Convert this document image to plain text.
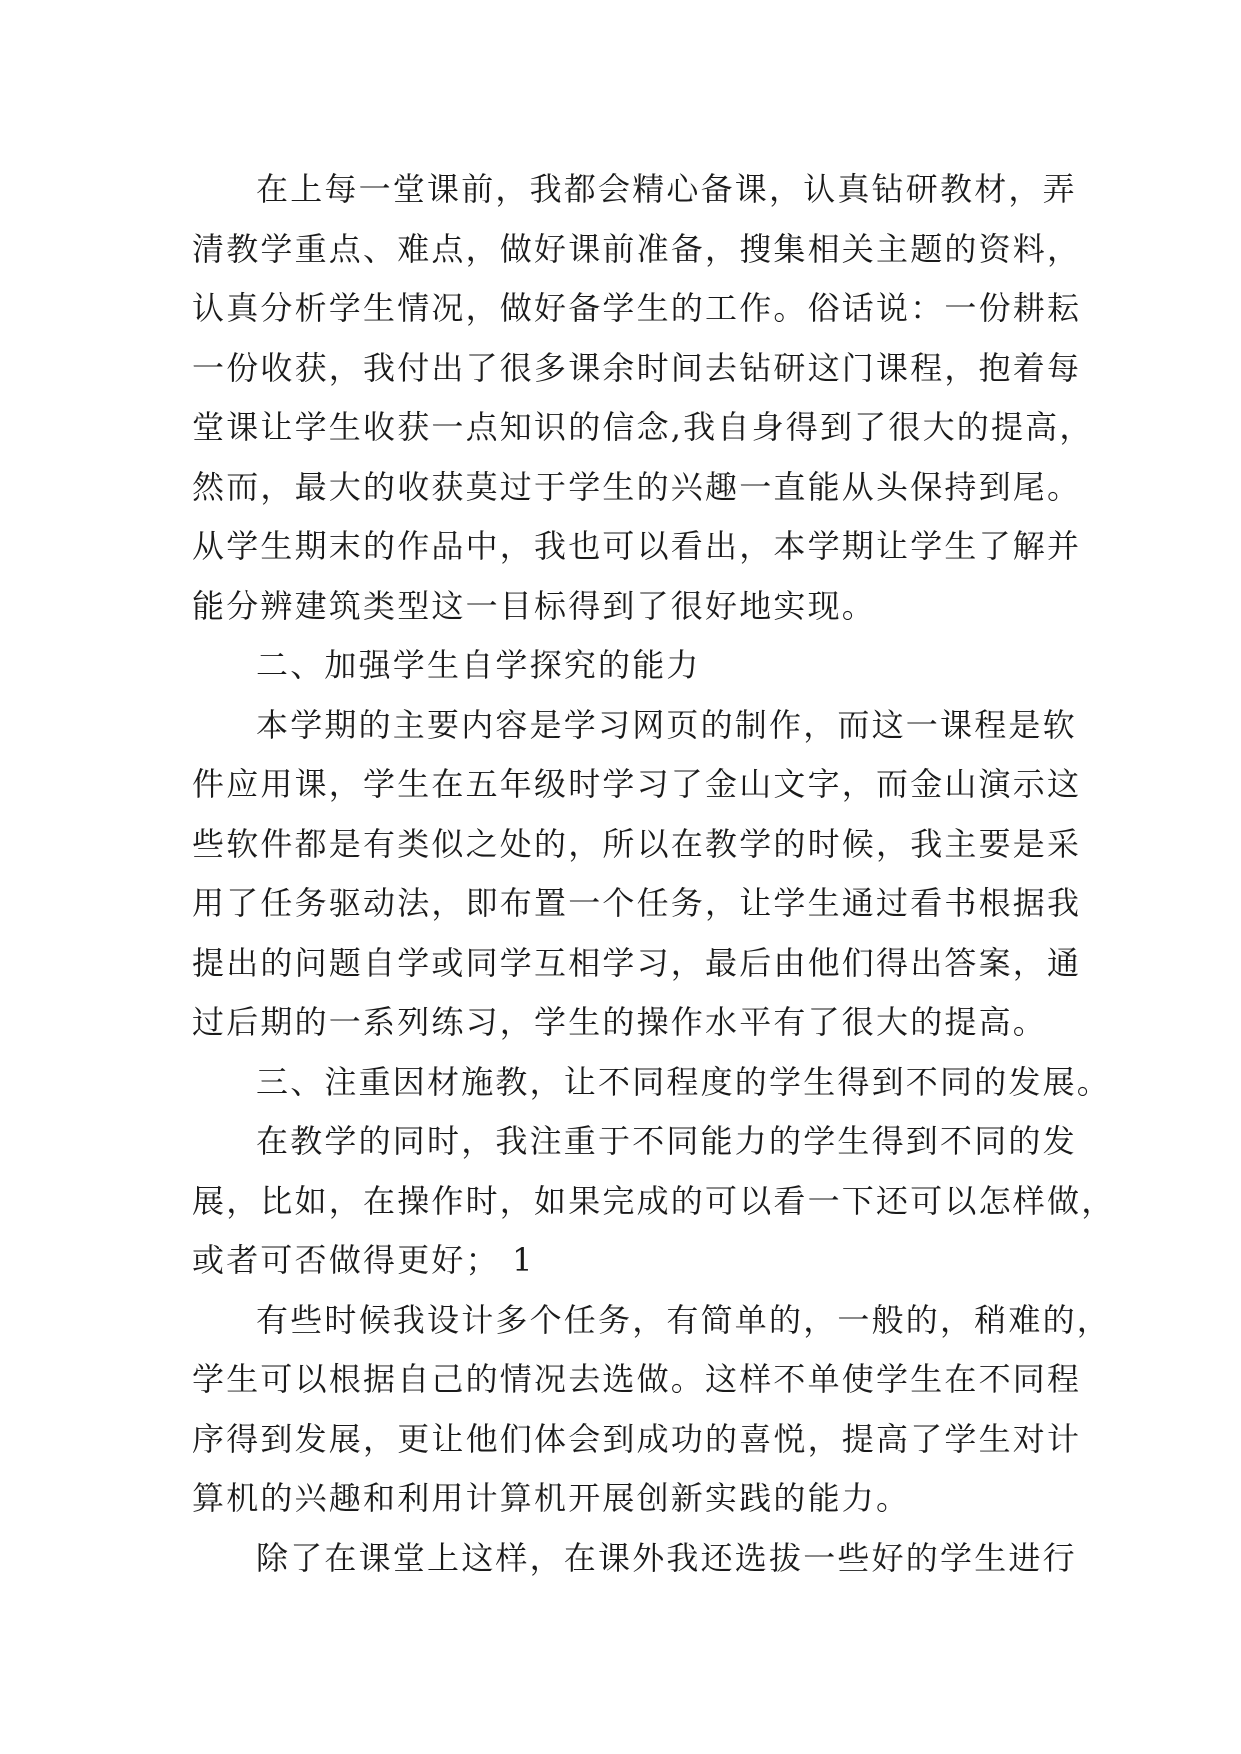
在上每一堂课前，我都会精心备课，认真钻研教材，弄
清教学重点、难点，做好课前准备，搜集相关主题的资料，
认真分析学生情况，做好备学生的工作。俗话说：一份耕耘
一份收获，我付出了很多课余时间去钻研这门课程，抱着每
堂课让学生收获一点知识的信念,我自身得到了很大的提高，
然而，最大的收获莫过于学生的兴趣一直能从头保持到尾。
从学生期末的作品中，我也可以看出，本学期让学生了解并
能分辨建筑类型这一目标得到了很好地实现。
二、加强学生自学探究的能力
本学期的主要内容是学习网页的制作，而这一课程是软
件应用课，学生在五年级时学习了金山文字，而金山演示这
些软件都是有类似之处的，所以在教学的时候，我主要是采
用了任务驱动法，即布置一个任务，让学生通过看书根据我
提出的问题自学或同学互相学习，最后由他们得出答案，通
过后期的一系列练习，学生的操作水平有了很大的提高。
三、注重因材施教，让不同程度的学生得到不同的发展。
在教学的同时，我注重于不同能力的学生得到不同的发
展，比如，在操作时，如果完成的可以看一下还可以怎样做，
或者可否做得更好； 1
有些时候我设计多个任务，有简单的，一般的，稍难的，
学生可以根据自己的情况去选做。这样不单使学生在不同程
序得到发展，更让他们体会到成功的喜悦，提高了学生对计
算机的兴趣和利用计算机开展创新实践的能力。
除了在课堂上这样，在课外我还选拔一些好的学生进行
